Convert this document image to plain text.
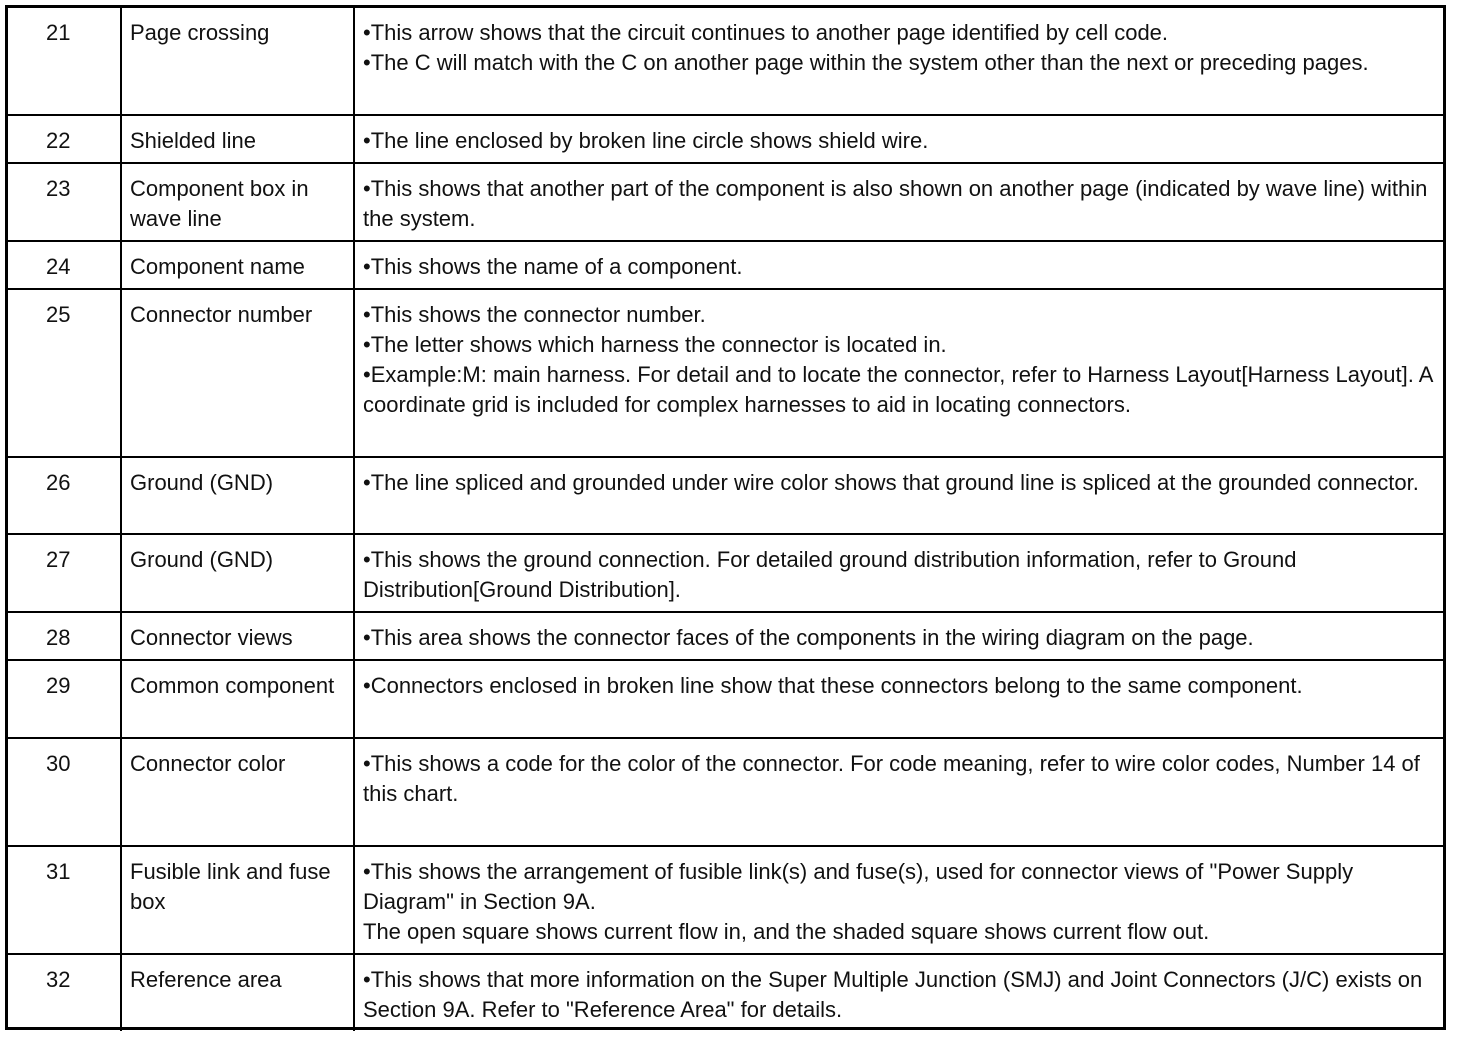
21	Page crossing	•This arrow shows that the circuit continues to another page identified by cell code.
•The C will match with the C on another page within the system other than the next or preceding pages.

22	Shielded line	•The line enclosed by broken line circle shows shield wire.

23	Component box in wave line	•This shows that another part of the component is also shown on another page (indicated by wave line) within the system.

24	Component name	•This shows the name of a component.

25	Connector number	•This shows the connector number.
•The letter shows which harness the connector is located in.
•Example:M: main harness. For detail and to locate the connector, refer to Harness Layout[Harness Layout]. A coordinate grid is included for complex harnesses to aid in locating connectors.

26	Ground (GND)	•The line spliced and grounded under wire color shows that ground line is spliced at the grounded connector.

27	Ground (GND)	•This shows the ground connection. For detailed ground distribution information, refer to Ground Distribution[Ground Distribution].

28	Connector views	•This area shows the connector faces of the components in the wiring diagram on the page.

29	Common component	•Connectors enclosed in broken line show that these connectors belong to the same component.

30	Connector color	•This shows a code for the color of the connector. For code meaning, refer to wire color codes, Number 14 of this chart.

31	Fusible link and fuse box	•This shows the arrangement of fusible link(s) and fuse(s), used for connector views of "Power Supply Diagram" in Section 9A.
The open square shows current flow in, and the shaded square shows current flow out.

32	Reference area	•This shows that more information on the Super Multiple Junction (SMJ) and Joint Connectors (J/C) exists on Section 9A. Refer to "Reference Area" for details.
